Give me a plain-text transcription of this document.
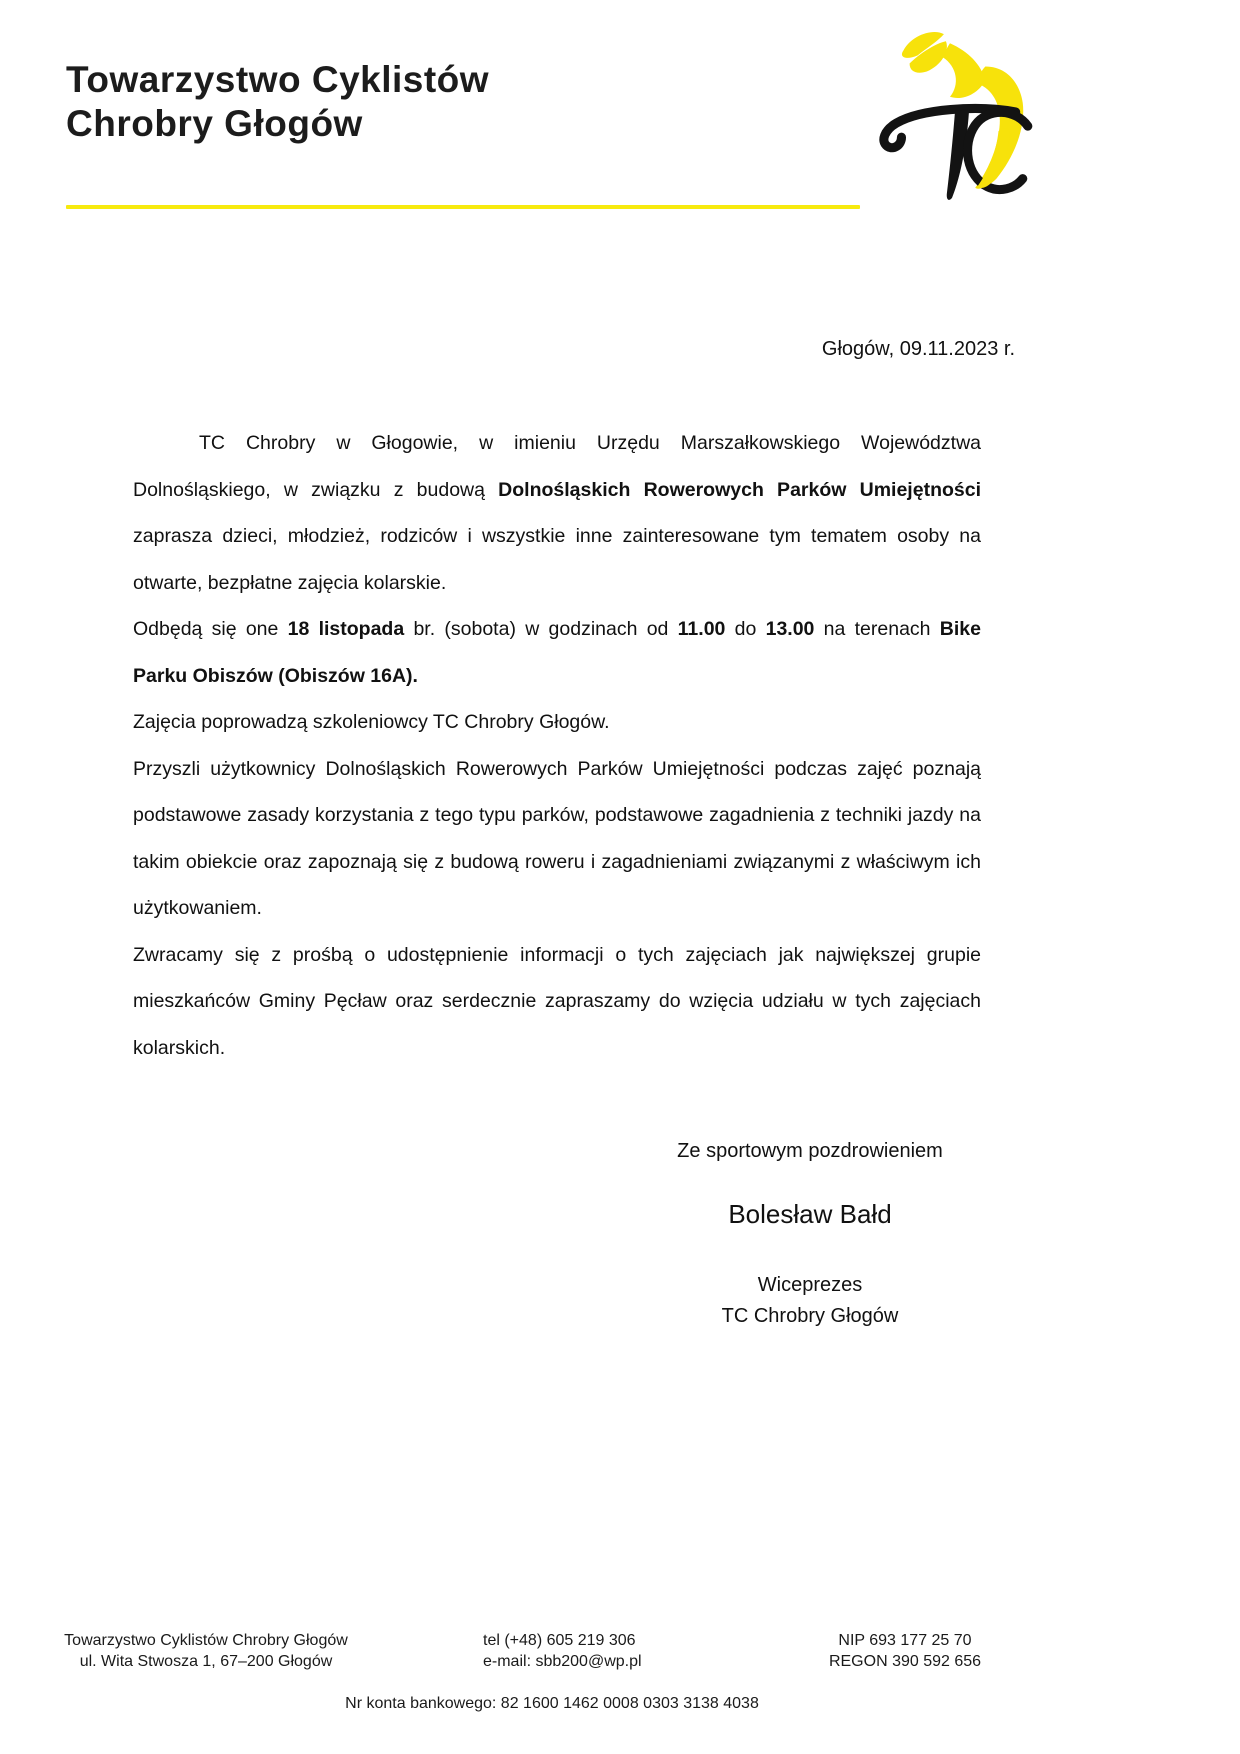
Towarzystwo Cyklistów
Chrobry Głogów
Głogów, 09.11.2023 r.

TC Chrobry w Głogowie, w imieniu Urzędu Marszałkowskiego Województwa Dolnośląskiego, w związku z budową Dolnośląskich Rowerowych Parków Umiejętności zaprasza dzieci, młodzież, rodziców i wszystkie inne zainteresowane tym tematem osoby na otwarte, bezpłatne zajęcia kolarskie.

Odbędą się one 18 listopada br. (sobota) w godzinach od 11.00 do 13.00 na terenach Bike Parku Obiszów (Obiszów 16A).

Zajęcia poprowadzą szkoleniowcy TC Chrobry Głogów.

Przyszli użytkownicy Dolnośląskich Rowerowych Parków Umiejętności podczas zajęć poznają podstawowe zasady korzystania z tego typu parków, podstawowe zagadnienia z techniki jazdy na takim obiekcie oraz zapoznają się z budową roweru i zagadnieniami związanymi z właściwym ich użytkowaniem.

Zwracamy się z prośbą o udostępnienie informacji o tych zajęciach jak największej grupie mieszkańców Gminy Pęcław oraz serdecznie zapraszamy do wzięcia udziału w tych zajęciach kolarskich.

Ze sportowym pozdrowieniem
Bolesław Bałd
Wiceprezes
TC Chrobry Głogów
Towarzystwo Cyklistów Chrobry Głogów
ul. Wita Stwosza 1, 67–200 Głogów
tel (+48) 605 219 306
e-mail: sbb200@wp.pl
NIP 693 177 25 70
REGON 390 592 656
Nr konta bankowego: 82 1600 1462 0008 0303 3138 4038
